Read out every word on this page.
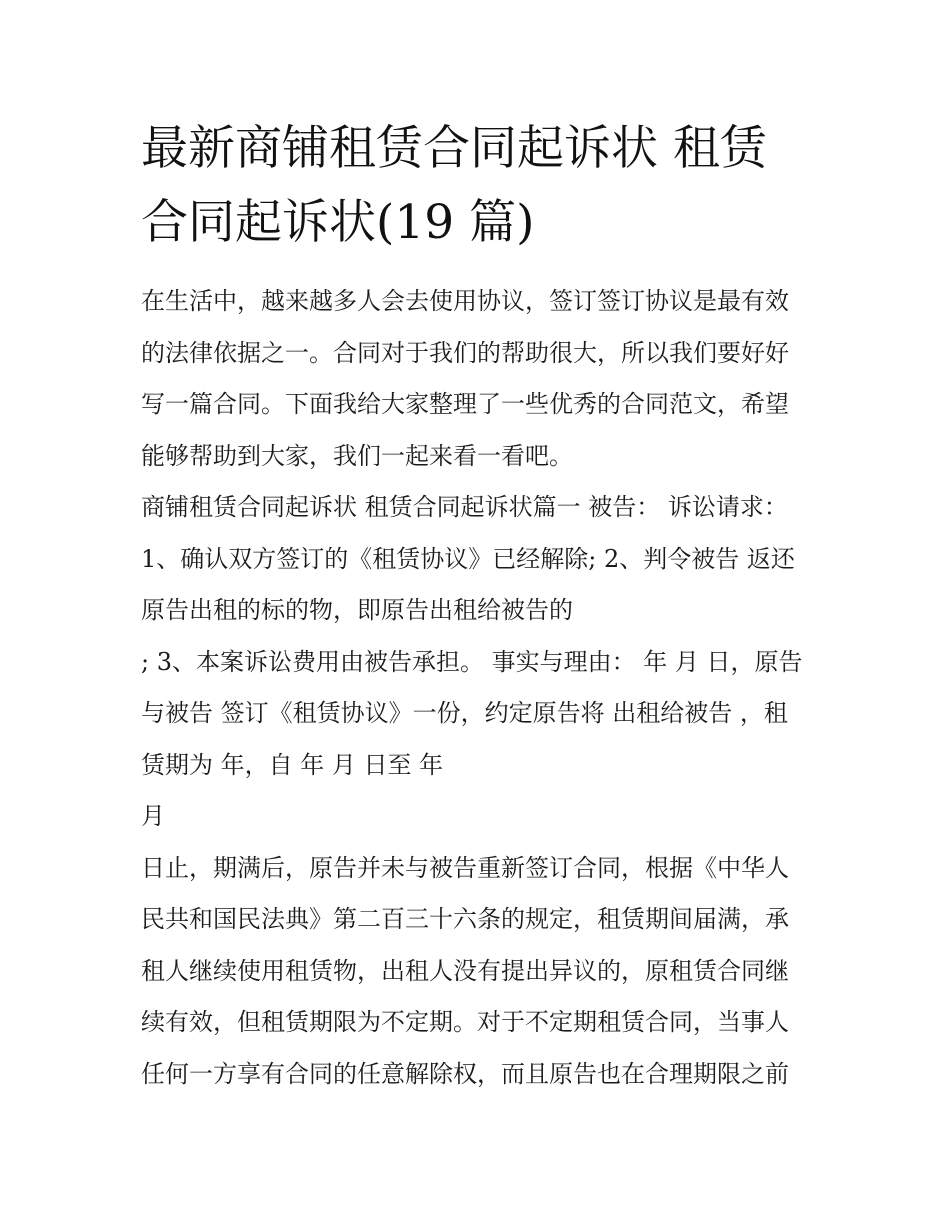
最新商铺租赁合同起诉状 租赁
合同起诉状(19 篇)

在生活中，越来越多人会去使用协议，签订签订协议是最有效

的法律依据之一。合同对于我们的帮助很大，所以我们要好好

写一篇合同。下面我给大家整理了一些优秀的合同范文，希望

能够帮助到大家，我们一起来看一看吧。

商铺租赁合同起诉状 租赁合同起诉状篇一 被告： 诉讼请求：

1、确认双方签订的《租赁协议》已经解除; 2、判令被告 返还

原告出租的标的物，即原告出租给被告的

; 3、本案诉讼费用由被告承担。 事实与理由： 年 月 日，原告

与被告 签订《租赁协议》一份，约定原告将 出租给被告 ，租

赁期为 年，自 年 月 日至 年

月

日止，期满后，原告并未与被告重新签订合同，根据《中华人

民共和国民法典》第二百三十六条的规定，租赁期间届满，承

租人继续使用租赁物，出租人没有提出异议的，原租赁合同继

续有效，但租赁期限为不定期。对于不定期租赁合同，当事人

任何一方享有合同的任意解除权，而且原告也在合理期限之前
